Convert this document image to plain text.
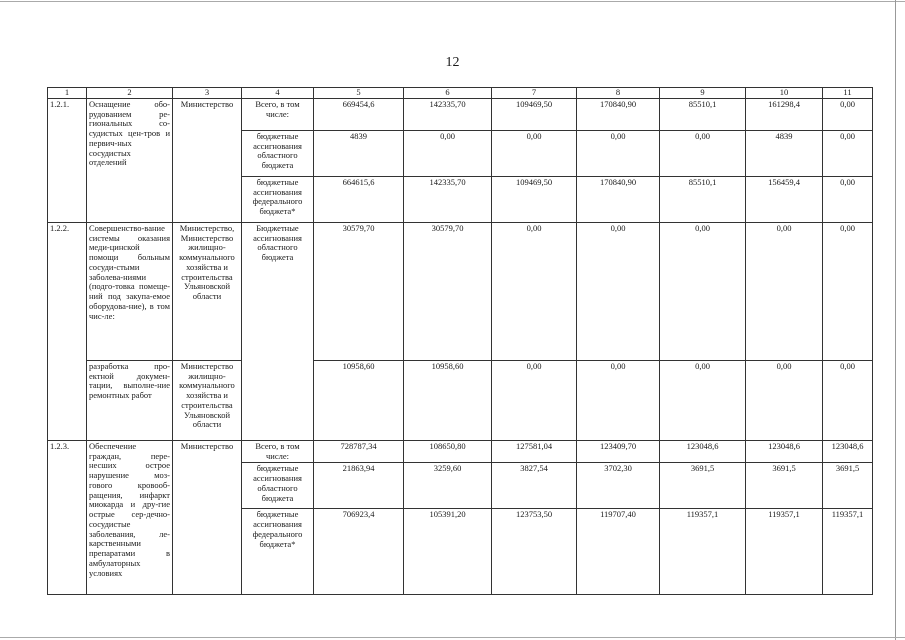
12
1	2	3	4	5	6	7	8	9	10	11
1.2.1.	Оснащение обо-рудованием ре-гиональных со-судистых цен-тров и первич-ных сосудистых отделений	Министерство	Всего, в том числе:	669454,6	142335,70	109469,50	170840,90	85510,1	161298,4	0,00
			бюджетные ассигнования областного бюджета	4839	0,00	0,00	0,00	0,00	4839	0,00
			бюджетные ассигнования федерального бюджета*	664615,6	142335,70	109469,50	170840,90	85510,1	156459,4	0,00
1.2.2.	Совершенство-вание системы оказания меди-цинской помощи больным сосуди-стыми заболева-ниями (подго-товка помеще-ний под закупа-емое оборудова-ние), в том чис-ле:	Министерство, Министерство жилищно-коммунального хозяйства и строительства Ульяновской области	Бюджетные ассигнования областного бюджета	30579,70	30579,70	0,00	0,00	0,00	0,00	0,00
	разработка про-ектной докумен-тации, выполне-ние ремонтных работ	Министерство жилищно-коммунального хозяйства и строительства Ульяновской области		10958,60	10958,60	0,00	0,00	0,00	0,00	0,00
1.2.3.	Обеспечение граждан, пере-несших острое нарушение моз-гового кровооб-ращения, инфаркт миокарда и дру-гие острые сер-дечно-сосудистые заболевания, ле-карственными препаратами в амбулаторных условиях	Министерство	Всего, в том числе:	728787,34	108650,80	127581,04	123409,70	123048,6	123048,6	123048,6
			бюджетные ассигнования областного бюджета	21863,94	3259,60	3827,54	3702,30	3691,5	3691,5	3691,5
			бюджетные ассигнования федерального бюджета*	706923,4	105391,20	123753,50	119707,40	119357,1	119357,1	119357,1
